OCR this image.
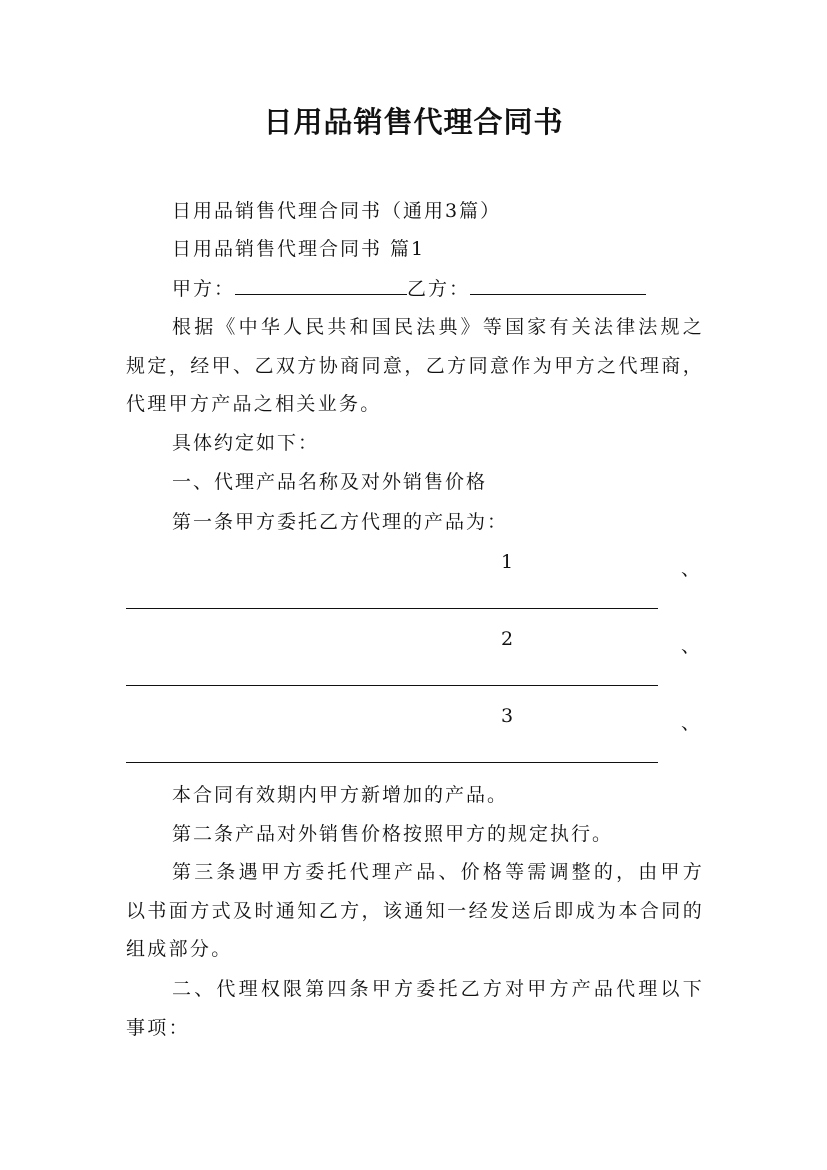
日用品销售代理合同书
日用品销售代理合同书（通用3篇）
日用品销售代理合同书 篇1
甲方：	乙方：
根据《中华人民共和国民法典》等国家有关法律法规之规定，经甲、乙双方协商同意，乙方同意作为甲方之代理商，代理甲方产品之相关业务。
具体约定如下：
一、代理产品名称及对外销售价格
第一条甲方委托乙方代理的产品为：
1	、
2	、
3	、
本合同有效期内甲方新增加的产品。
第二条产品对外销售价格按照甲方的规定执行。
第三条遇甲方委托代理产品、价格等需调整的，由甲方以书面方式及时通知乙方，该通知一经发送后即成为本合同的组成部分。
二、代理权限第四条甲方委托乙方对甲方产品代理以下事项：
